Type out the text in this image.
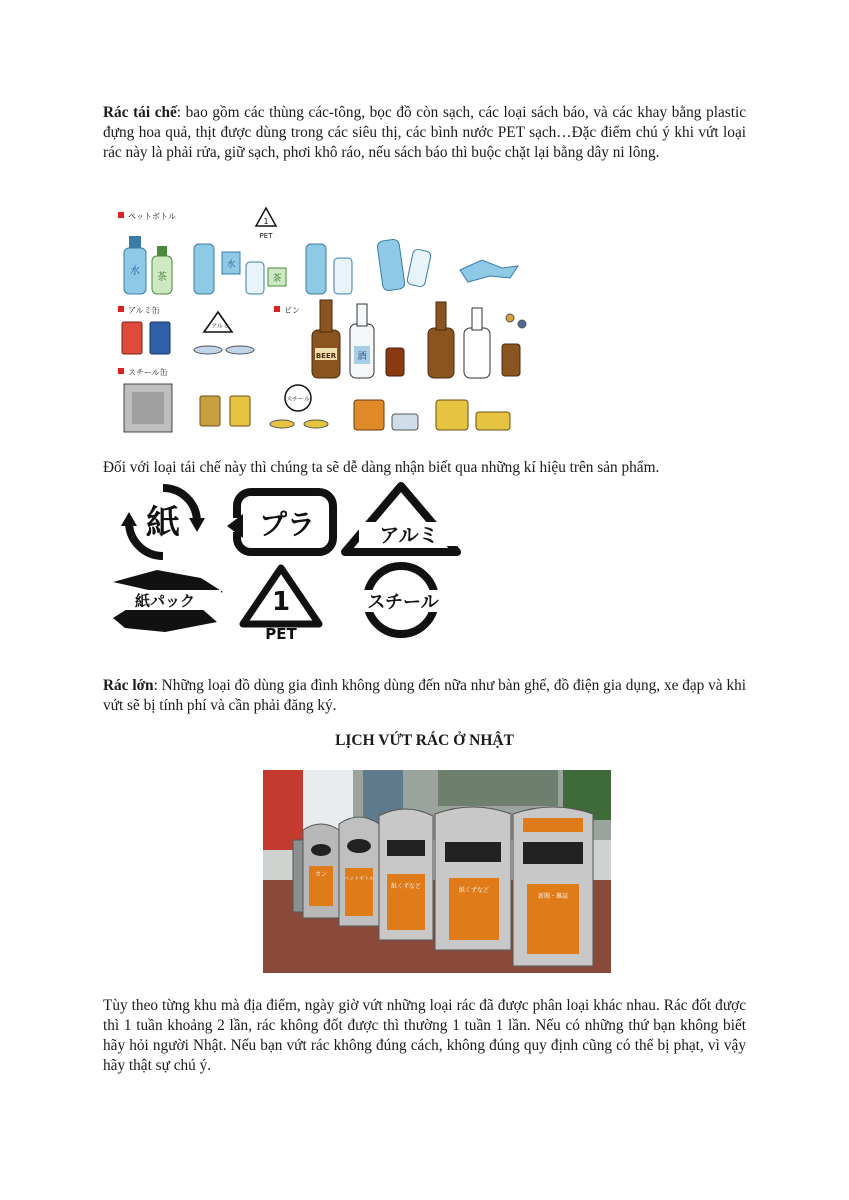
Rác tái chế: bao gồm các thùng các-tông, bọc đồ còn sạch, các loại sách báo, và các khay bằng plastic đựng hoa quả, thịt được dùng trong các siêu thị, các bình nước PET sạch…Đặc điểm chú ý khi vứt loại rác này là phải rửa, giữ sạch, phơi khô ráo, nếu sách báo thì buộc chặt lại bằng dây ni lông.

ペットボトル
1
PET
水
茶
水
茶
アルミ缶
アルミ
ビン
BEER 酒
スチール缶
スチール

Đối với loại tái chế này thì chúng ta sẽ dễ dàng nhận biết qua những kí hiệu trên sản phẩm.

紙	プラ	アルミ
紙パック	1
PET
スチール

Rác lớn: Những loại đồ dùng gia đình không dùng đến nữa như bàn ghế, đồ điện gia dụng, xe đạp và khi vứt sẽ bị tính phí và cần phải đăng ký.

LỊCH VỨT RÁC Ở NHẬT

カン
ペットボトル
紙くずなど
紙くずなど
新聞・雑誌

Tùy theo từng khu mà địa điểm, ngày giờ vứt những loại rác đã được phân loại khác nhau. Rác đốt được thì 1 tuần khoảng 2 lần, rác không đốt được thì thường 1 tuần 1 lần. Nếu có những thứ bạn không biết hãy hỏi người Nhật. Nếu bạn vứt rác không đúng cách, không đúng quy định cũng có thể bị phạt, vì vậy hãy thật sự chú ý.
